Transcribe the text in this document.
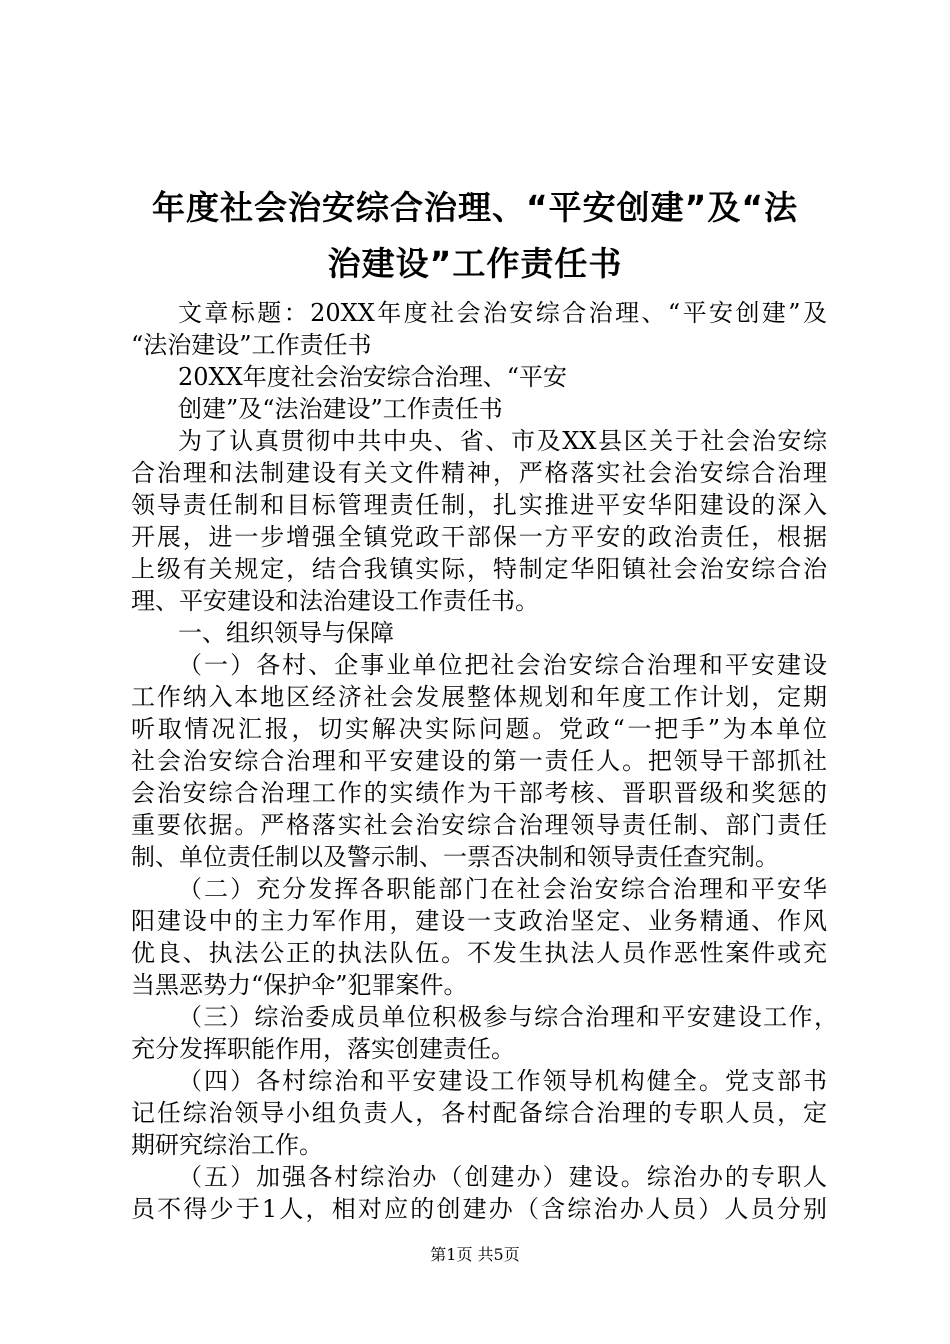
年度社会治安综合治理、“平安创建”及“法
治建设”工作责任书
文章标题：20XX年度社会治安综合治理、“平安创建”及
“法治建设”工作责任书
20XX年度社会治安综合治理、“平安
创建”及“法治建设”工作责任书
为了认真贯彻中共中央、省、市及XX县区关于社会治安综
合治理和法制建设有关文件精神，严格落实社会治安综合治理
领导责任制和目标管理责任制，扎实推进平安华阳建设的深入
开展，进一步增强全镇党政干部保一方平安的政治责任，根据
上级有关规定，结合我镇实际，特制定华阳镇社会治安综合治
理、平安建设和法治建设工作责任书。
一、组织领导与保障
（一）各村、企事业单位把社会治安综合治理和平安建设
工作纳入本地区经济社会发展整体规划和年度工作计划，定期
听取情况汇报，切实解决实际问题。党政“一把手”为本单位
社会治安综合治理和平安建设的第一责任人。把领导干部抓社
会治安综合治理工作的实绩作为干部考核、晋职晋级和奖惩的
重要依据。严格落实社会治安综合治理领导责任制、部门责任
制、单位责任制以及警示制、一票否决制和领导责任查究制。
（二）充分发挥各职能部门在社会治安综合治理和平安华
阳建设中的主力军作用，建设一支政治坚定、业务精通、作风
优良、执法公正的执法队伍。不发生执法人员作恶性案件或充
当黑恶势力“保护伞”犯罪案件。
（三）综治委成员单位积极参与综合治理和平安建设工作，
充分发挥职能作用，落实创建责任。
（四）各村综治和平安建设工作领导机构健全。党支部书
记任综治领导小组负责人，各村配备综合治理的专职人员，定
期研究综治工作。
（五）加强各村综治办（创建办）建设。综治办的专职人
员不得少于1人，相对应的创建办（含综治办人员）人员分别
第1页 共5页
